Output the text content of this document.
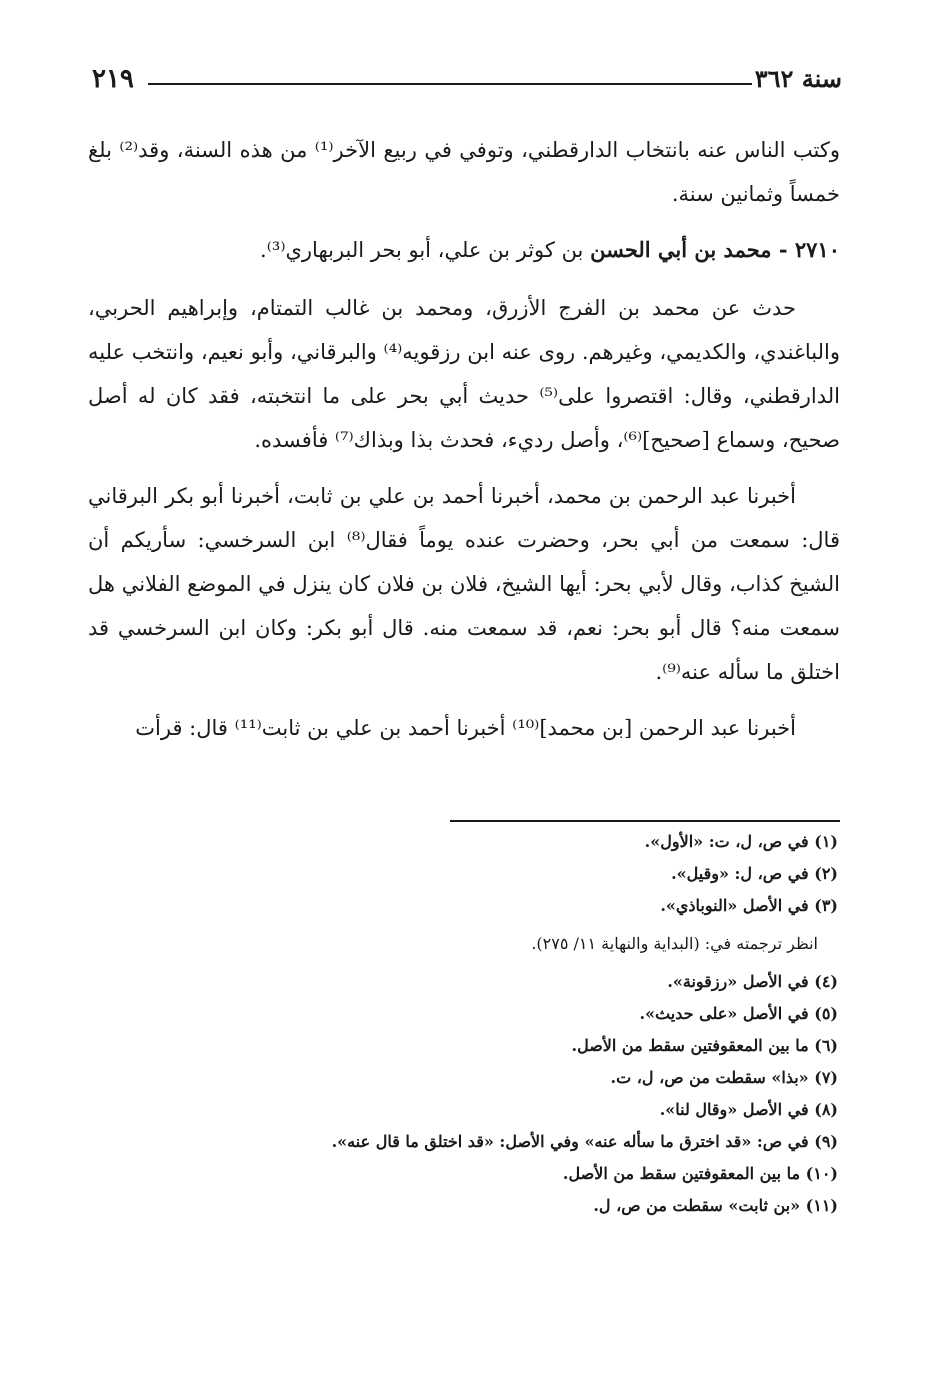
٢١٩	سنة ٣٦٢

وكتب الناس عنه بانتخاب الدارقطني، وتوفي في ربيع الآخر⁽¹⁾ من هذه السنة، وقد⁽²⁾ بلغ خمساً وثمانين سنة.

٢٧١٠ - محمد بن أبي الحسن بن كوثر بن علي، أبو بحر البربهاري⁽³⁾.

حدث عن محمد بن الفرج الأزرق، ومحمد بن غالب التمتام، وإبراهيم الحربي، والباغندي، والكديمي، وغيرهم. روى عنه ابن رزقويه⁽⁴⁾ والبرقاني، وأبو نعيم، وانتخب عليه الدارقطني، وقال: اقتصروا على⁽⁵⁾ حديث أبي بحر على ما انتخبته، فقد كان له أصل صحيح، وسماع [صحيح]⁽⁶⁾، وأصل رديء، فحدث بذا وبذاك⁽⁷⁾ فأفسده.

أخبرنا عبد الرحمن بن محمد، أخبرنا أحمد بن علي بن ثابت، أخبرنا أبو بكر البرقاني قال: سمعت من أبي بحر، وحضرت عنده يوماً فقال⁽⁸⁾ ابن السرخسي: سأريكم أن الشيخ كذاب، وقال لأبي بحر: أيها الشيخ، فلان بن فلان كان ينزل في الموضع الفلاني هل سمعت منه؟ قال أبو بحر: نعم، قد سمعت منه. قال أبو بكر: وكان ابن السرخسي قد اختلق ما سأله عنه⁽⁹⁾.

أخبرنا عبد الرحمن [بن محمد]⁽¹⁰⁾ أخبرنا أحمد بن علي بن ثابت⁽¹¹⁾ قال: قرأت

(١) في ص، ل، ت: «الأول».

(٢) في ص، ل: «وقيل».

(٣) في الأصل «النوباذي».

انظر ترجمته في: (البداية والنهاية ١١/ ٢٧٥).

(٤) في الأصل «رزقونة».

(٥) في الأصل «على حديث».

(٦) ما بين المعقوفتين سقط من الأصل.

(٧) «بذا» سقطت من ص، ل، ت.

(٨) في الأصل «وقال لنا».

(٩) في ص: «قد اخترق ما سأله عنه» وفي الأصل: «قد اختلق ما قال عنه».

(١٠) ما بين المعقوفتين سقط من الأصل.

(١١) «بن ثابت» سقطت من ص، ل.
